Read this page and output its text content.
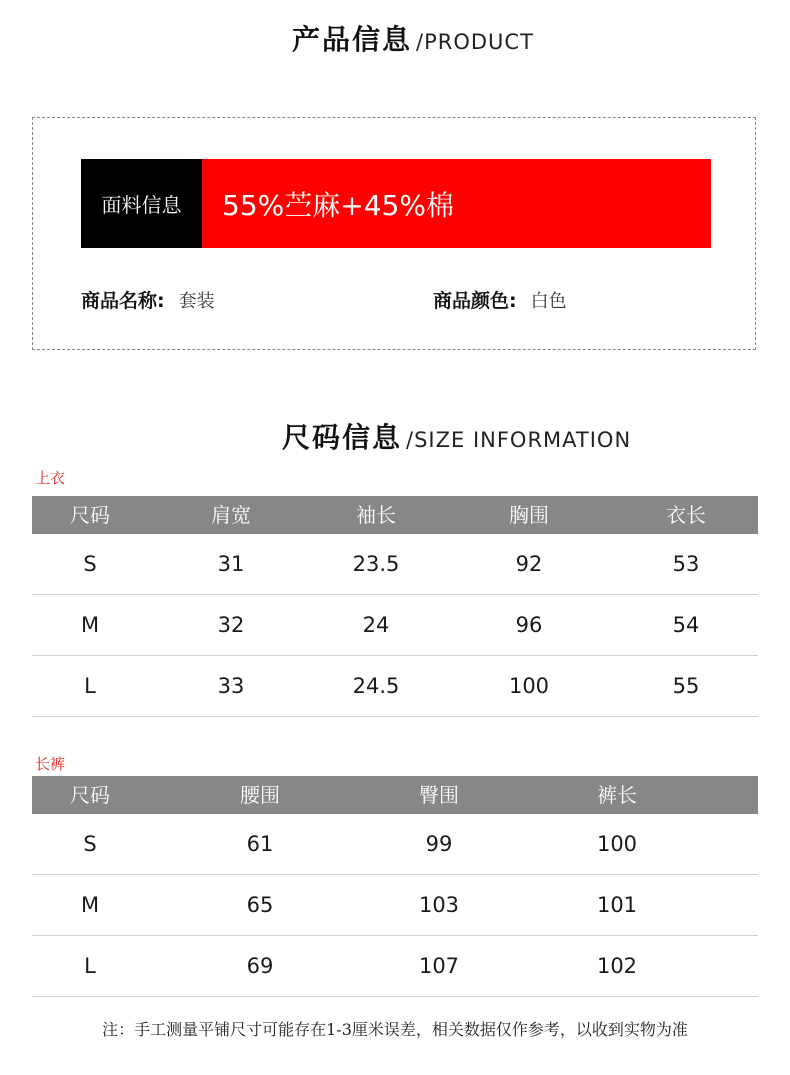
产品信息 /PRODUCT
面料信息	55%苎麻+45%棉
商品名称: 套装	商品颜色: 白色
尺码信息 /SIZE INFORMATION
上衣
尺码	肩宽	袖长	胸围	衣长
S	31	23.5	92	53
M	32	24	96	54
L	33	24.5	100	55
长裤
尺码	腰围	臀围	裤长
S	61	99	100
M	65	103	101
L	69	107	102
注：手工测量平铺尺寸可能存在1-3厘米误差，相关数据仅作参考，以收到实物为准
